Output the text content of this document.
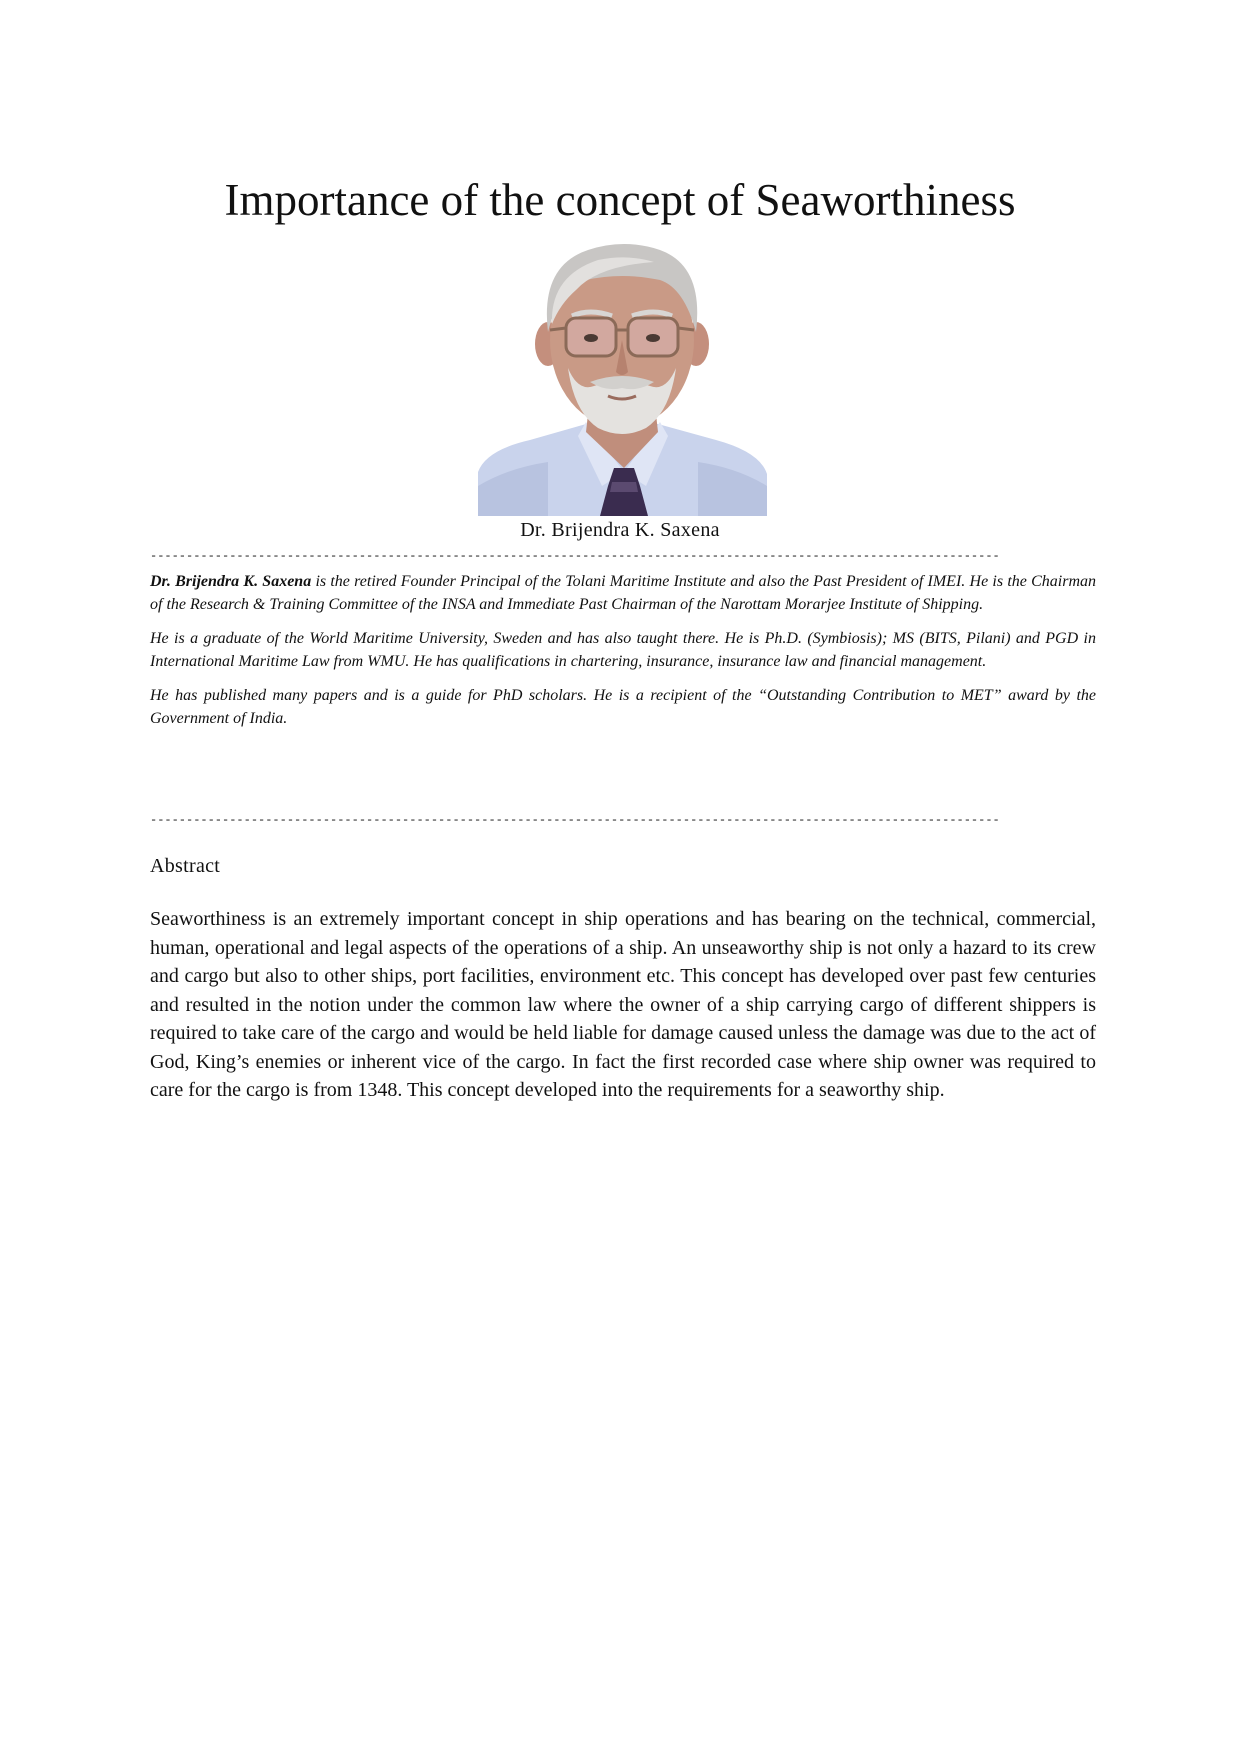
Importance of the concept of Seaworthiness
Dr. Brijendra K. Saxena
----------------------------------------------------------------------------------------------------------------------

Dr. Brijendra K. Saxena is the retired Founder Principal of the Tolani Maritime Institute and also the Past President of IMEI. He is the Chairman of the Research & Training Committee of the INSA and Immediate Past Chairman of the Narottam Morarjee Institute of Shipping.

He is a graduate of the World Maritime University, Sweden and has also taught there. He is Ph.D. (Symbiosis); MS (BITS, Pilani) and PGD in International Maritime Law from WMU. He has qualifications in chartering, insurance, insurance law and financial management.

He has published many papers and is a guide for PhD scholars. He is a recipient of the “Outstanding Contribution to MET” award by the Government of India.

----------------------------------------------------------------------------------------------------------------------
Abstract

Seaworthiness is an extremely important concept in ship operations and has bearing on the technical, commercial, human, operational and legal aspects of the operations of a ship. An unseaworthy ship is not only a hazard to its crew and cargo but also to other ships, port facilities, environment etc. This concept has developed over past few centuries and resulted in the notion under the common law where the owner of a ship carrying cargo of different shippers is required to take care of the cargo and would be held liable for damage caused unless the damage was due to the act of God, King’s enemies or inherent vice of the cargo. In fact the first recorded case where ship owner was required to care for the cargo is from 1348. This concept developed into the requirements for a seaworthy ship.
